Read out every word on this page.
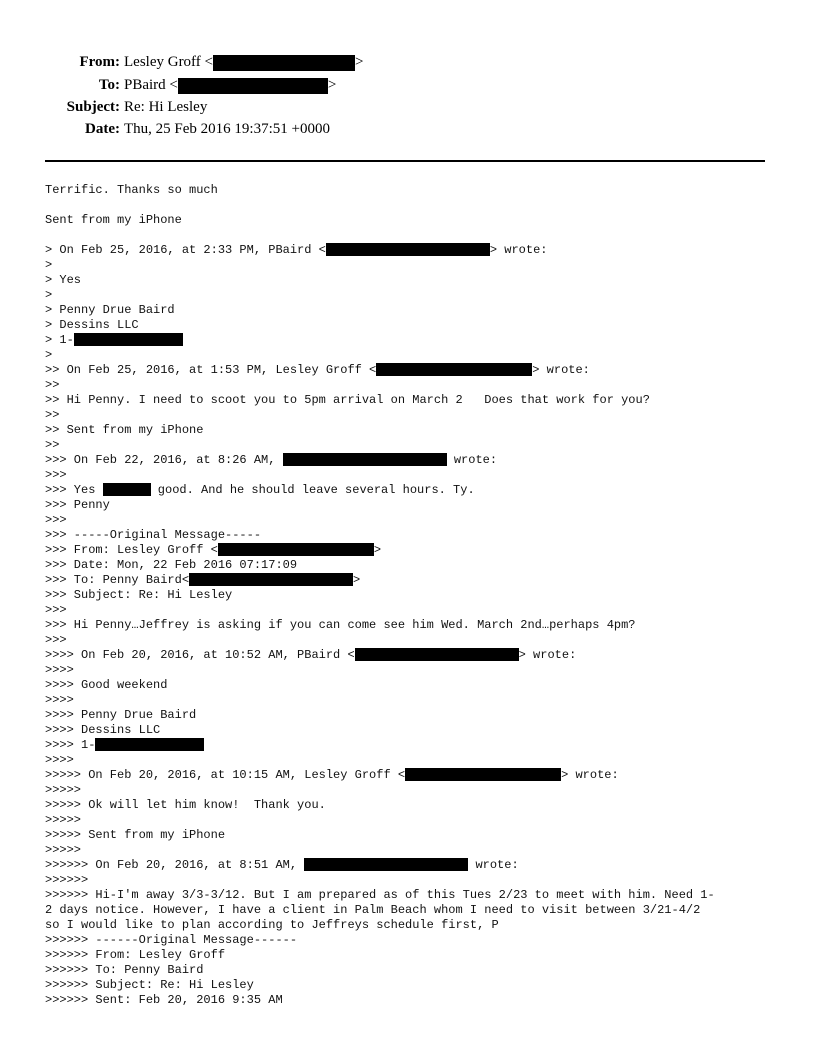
From: Lesley Groff <	>
To: PBaird <	>
Subject: Re: Hi Lesley
Date: Thu, 25 Feb 2016 19:37:51 +0000
Terrific. Thanks so much
Sent from my iPhone
> On Feb 25, 2016, at 2:33 PM, PBaird <	> wrote:
>
> Yes
>
> Penny Drue Baird
> Dessins LLC
> 1-
>
>> On Feb 25, 2016, at 1:53 PM, Lesley Groff <	> wrote:
>>
>> Hi Penny. I need to scoot you to 5pm arrival on March 2   Does that work for you?
>>
>> Sent from my iPhone
>>
>>> On Feb 22, 2016, at 8:26 AM,	wrote:
>>>
>>> Yes	good. And he should leave several hours. Ty.
>>> Penny
>>>
>>> -----Original Message-----
>>> From: Lesley Groff <	>
>>> Date: Mon, 22 Feb 2016 07:17:09
>>> To: Penny Baird<	>
>>> Subject: Re: Hi Lesley
>>>
>>> Hi Penny…Jeffrey is asking if you can come see him Wed. March 2nd…perhaps 4pm?
>>>
>>>> On Feb 20, 2016, at 10:52 AM, PBaird <	> wrote:
>>>>
>>>> Good weekend
>>>>
>>>> Penny Drue Baird
>>>> Dessins LLC
>>>> 1-
>>>>
>>>>> On Feb 20, 2016, at 10:15 AM, Lesley Groff <	> wrote:
>>>>>
>>>>> Ok will let him know!  Thank you.
>>>>>
>>>>> Sent from my iPhone
>>>>>
>>>>>> On Feb 20, 2016, at 8:51 AM,	wrote:
>>>>>>
>>>>>> Hi-I'm away 3/3-3/12. But I am prepared as of this Tues 2/23 to meet with him. Need 1-
2 days notice. However, I have a client in Palm Beach whom I need to visit between 3/21-4/2
so I would like to plan according to Jeffreys schedule first, P
>>>>>> ------Original Message------
>>>>>> From: Lesley Groff
>>>>>> To: Penny Baird
>>>>>> Subject: Re: Hi Lesley
>>>>>> Sent: Feb 20, 2016 9:35 AM
